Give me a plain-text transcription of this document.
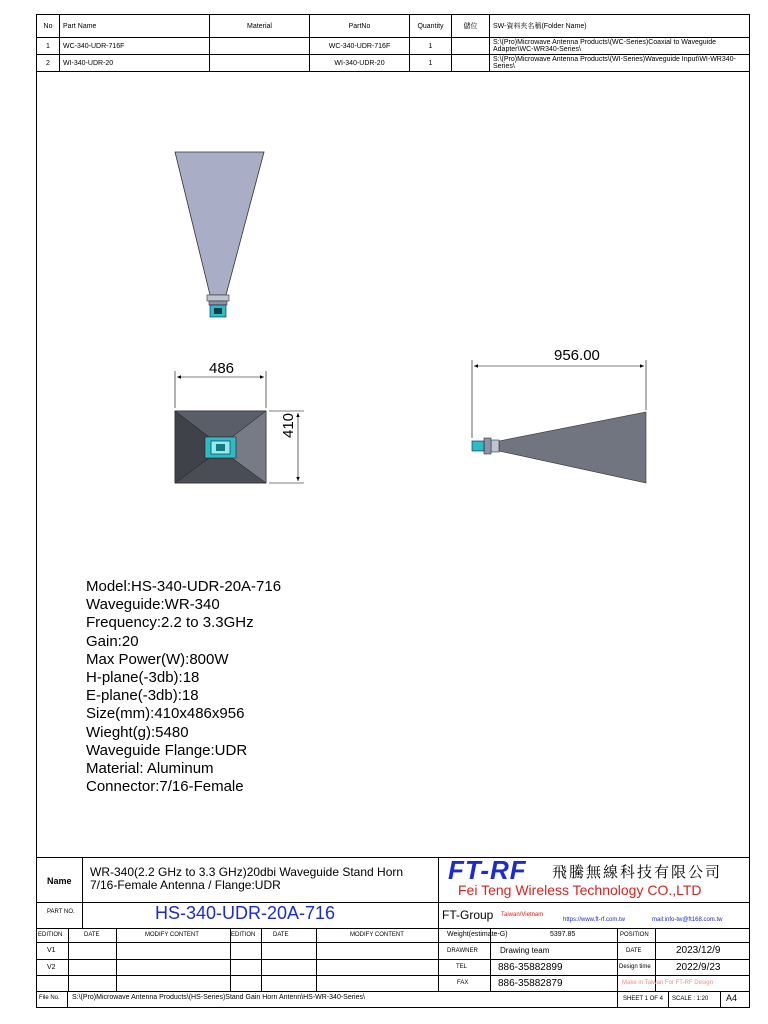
No	Part Name	Material	PartNo	Quantity	儲位	SW-資料夾名稱(Folder Name)
1	WC-340-UDR-716F		WC-340-UDR-716F	1		S:\(Pro)Microwave Antenna Products\(WC-Series)Coaxial to Waveguide Adapter\WC-WR340-Series\
2	WI-340-UDR-20		WI-340-UDR-20	1		S:\(Pro)Microwave Antenna Products\(WI-Series)Waveguide Input\WI-WR340-Series\
486
410
956.00
Model:HS-340-UDR-20A-716
Waveguide:WR-340
Frequency:2.2 to 3.3GHz
Gain:20
Max Power(W):800W
H-plane(-3db):18
E-plane(-3db):18
Size(mm):410x486x956
Wieght(g):5480
Waveguide Flange:UDR
Material: Aluminum
Connector:7/16-Female
Name
WR-340(2.2 GHz to 3.3 GHz)20dbi Waveguide Stand Horn
7/16-Female Antenna / Flange:UDR
PART NO.	HS-340-UDR-20A-716
FT-RF 飛騰無線科技有限公司
Fei Teng Wireless Technology CO.,LTD
FT-Group Taiwan/Vietnam
https://www.ft-rf.com.tw	mail:info-tw@ft168.com.tw
EDITION	DATE	MODIFY CONTENT	EDITION	DATE	MODIFY CONTENT
V1
V2
Weight(estimate-G)	5397.85	POSITION
DRAWNER	Drawing team	DATE	2023/12/9
TEL	886-35882899	Design time	2022/9/23
FAX	886-35882879	Make in Taiwan For FT-RF Design
File No. S:\(Pro)Microwave Antenna Products\(HS-Series)Stand Gain Horn Antenn\HS-WR-340-Series\	SHEET 1 OF 4 SCALE : 1:20 A4
